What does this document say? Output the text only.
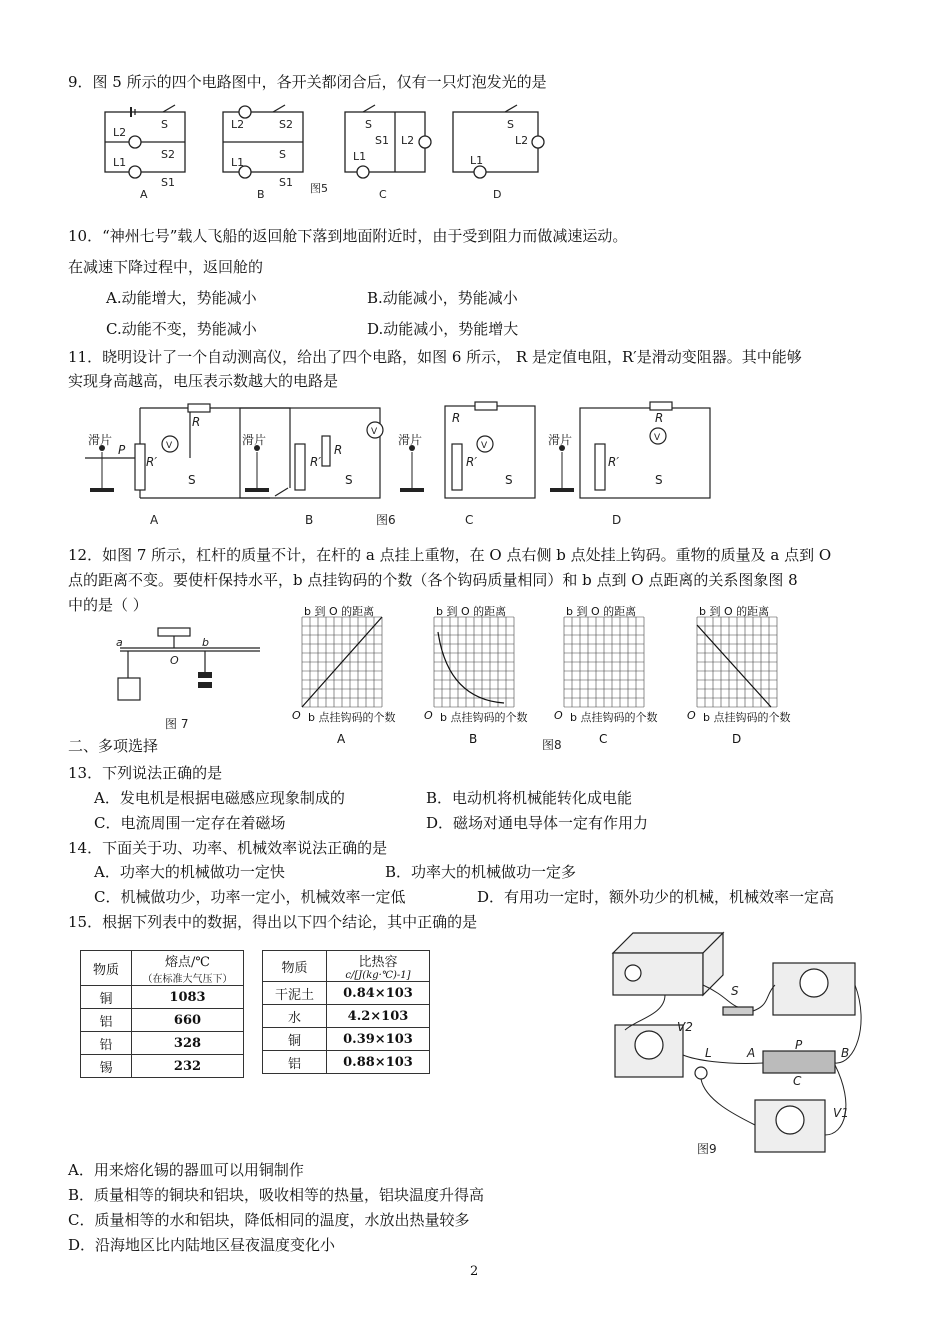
9．图 5 所示的四个电路图中，各开关都闭合后，仅有一只灯泡发光的是
L2
L1
S
S2
S1
L2
L1
S2
S
S1
S
L1
S1 L2
S
L2
L1
A	B	图5	C	D
10．“神州七号”载人飞船的返回舱下落到地面附近时，由于受到阻力而做减速运动。
在减速下降过程中，返回舱的
A.动能增大，势能减小	B.动能减小，势能减小
C.动能不变，势能减小	D.动能减小，势能增大
11．晓明设计了一个自动测高仪，给出了四个电路，如图 6 所示， R 是定值电阻，R′是滑动变阻器。其中能够
实现身高越高，电压表示数越大的电路是
滑片
P
R′
R
V
S
A
滑片
R′
R
V
S
B	图6
滑片
R′
R
V
S
C
滑片
R′
R
V
S
D
12．如图 7 所示，杠杆的质量不计，在杆的 a 点挂上重物，在 O 点右侧 b 点处挂上钩码。重物的质量及 a 点到 O
点的距离不变。要使杆保持水平，b 点挂钩码的个数（各个钩码质量相同）和 b 点到 O 点距离的关系图象图 8
中的是（ ）
a
O
b
图 7
图8
b 到 O 的距离
O b 点挂钩码的个数
A
b 到 O 的距离
O b 点挂钩码的个数
B
b 到 O 的距离
O b 点挂钩码的个数
C
b 到 O 的距离
O b 点挂钩码的个数
D
二、多项选择
13．下列说法正确的是
A．发电机是根据电磁感应现象制成的	B．电动机将机械能转化成电能
C．电流周围一定存在着磁场	D．磁场对通电导体一定有作用力
14．下面关于功、功率、机械效率说法正确的是
A．功率大的机械做功一定快	B．功率大的机械做功一定多
C．机械做功少，功率一定小，机械效率一定低	D．有用功一定时，额外功少的机械，机械效率一定高
15．根据下列表中的数据，得出以下四个结论，其中正确的是
物质	熔点/℃
（在标准大气压下）

铜	1083
铝	660
铅	328
锡	232
物质	比热容
c/[J(kg·℃)-1]

干泥土	0.84×103
水	4.2×103
铜	0.39×103
铝	0.88×103
S
V2
A
P
B
C
L
V1
图9
A．用来熔化锡的器皿可以用铜制作
B．质量相等的铜块和铝块，吸收相等的热量，铝块温度升得高
C．质量相等的水和铝块，降低相同的温度，水放出热量较多
D．沿海地区比内陆地区昼夜温度变化小
2
